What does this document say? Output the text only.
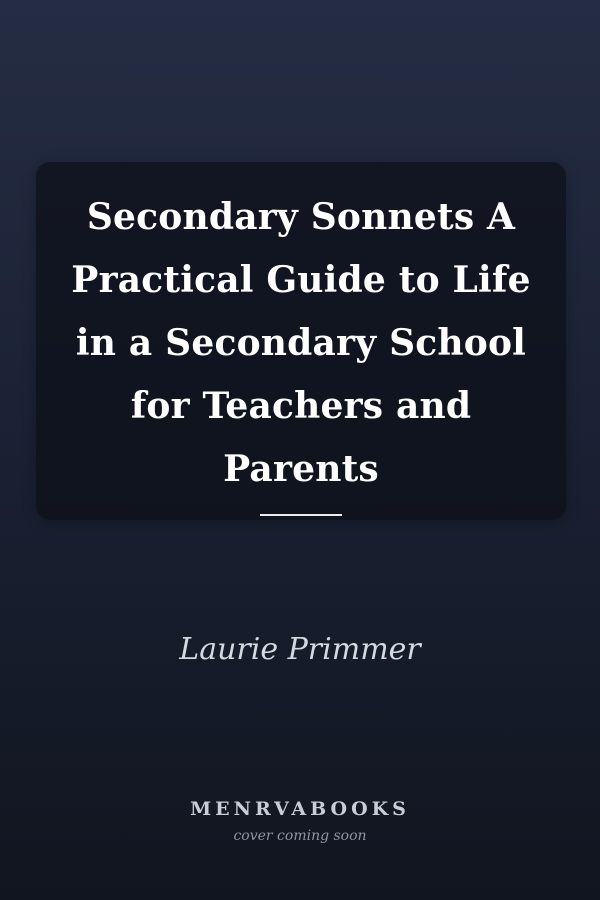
Secondary Sonnets A Practical Guide to Life in a Secondary School for Teachers and Parents
Laurie Primmer
MENRVABOOKS
cover coming soon
